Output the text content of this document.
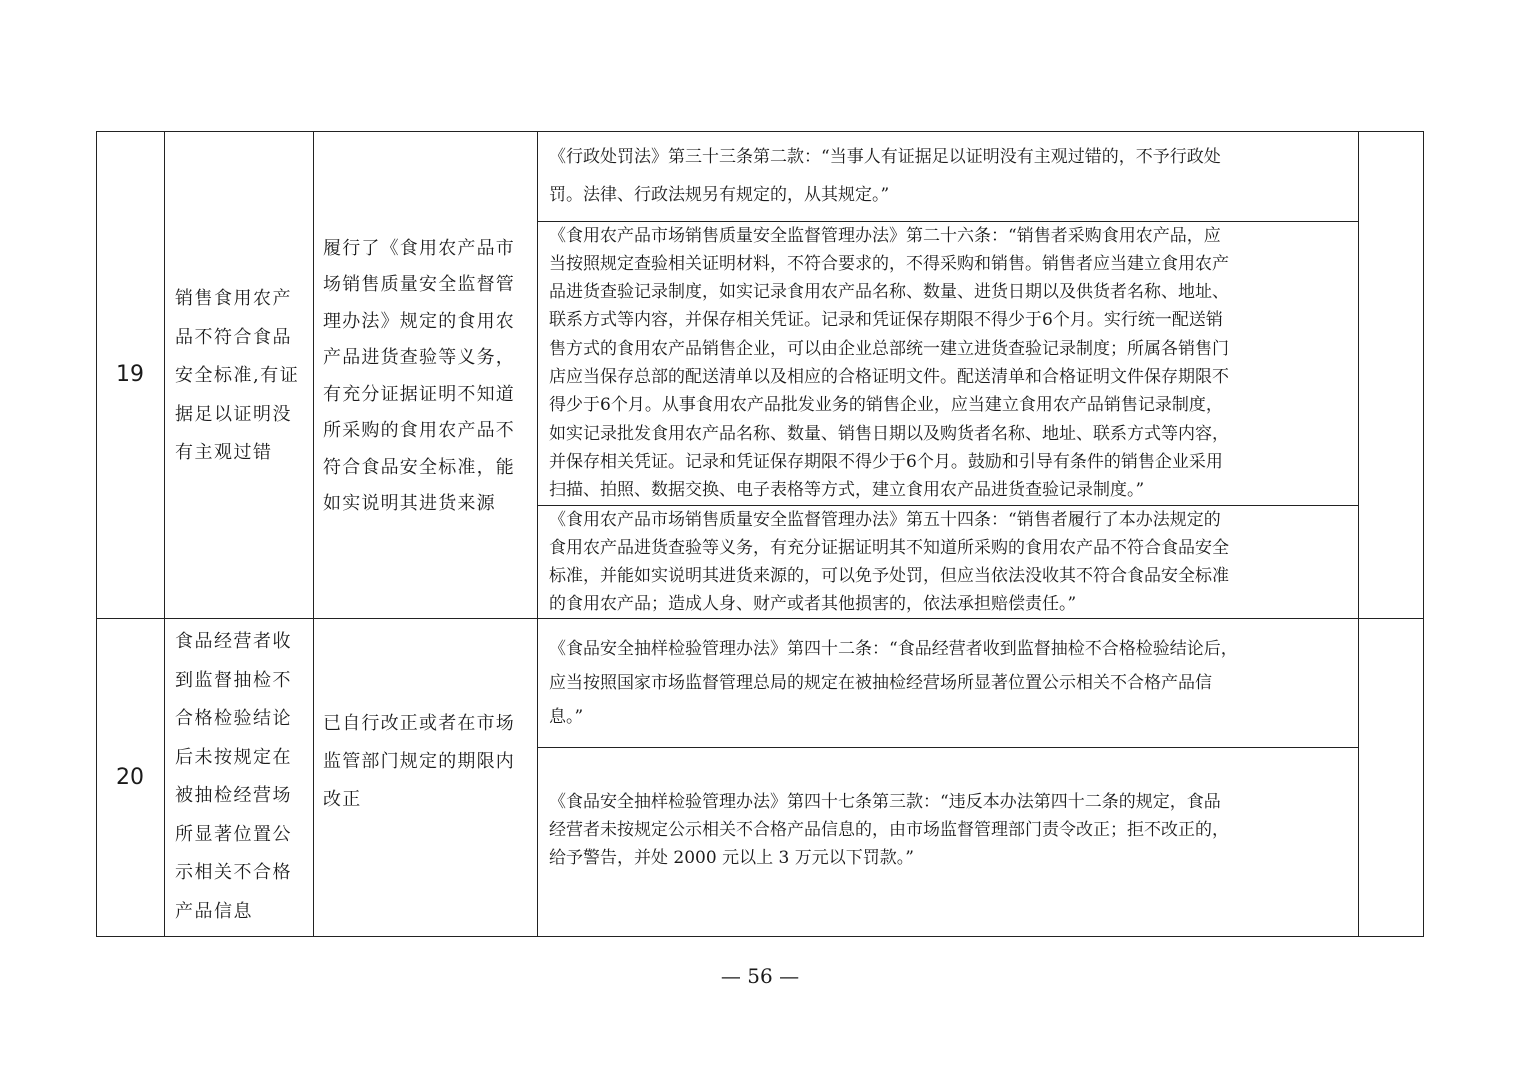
19
销售食用农产
品不符合食品
安全标准,有证
据足以证明没
有主观过错
履行了《食用农产品市
场销售质量安全监督管
理办法》规定的食用农
产品进货查验等义务，
有充分证据证明不知道
所采购的食用农产品不
符合食品安全标准，能
如实说明其进货来源
《行政处罚法》第三十三条第二款：“当事人有证据足以证明没有主观过错的，不予行政处
罚。法律、行政法规另有规定的，从其规定。”
《食用农产品市场销售质量安全监督管理办法》第二十六条：“销售者采购食用农产品，应
当按照规定查验相关证明材料，不符合要求的，不得采购和销售。销售者应当建立食用农产
品进货查验记录制度，如实记录食用农产品名称、数量、进货日期以及供货者名称、地址、
联系方式等内容，并保存相关凭证。记录和凭证保存期限不得少于6个月。实行统一配送销
售方式的食用农产品销售企业，可以由企业总部统一建立进货查验记录制度；所属各销售门
店应当保存总部的配送清单以及相应的合格证明文件。配送清单和合格证明文件保存期限不
得少于6个月。从事食用农产品批发业务的销售企业，应当建立食用农产品销售记录制度，
如实记录批发食用农产品名称、数量、销售日期以及购货者名称、地址、联系方式等内容，
并保存相关凭证。记录和凭证保存期限不得少于6个月。鼓励和引导有条件的销售企业采用
扫描、拍照、数据交换、电子表格等方式，建立食用农产品进货查验记录制度。”
《食用农产品市场销售质量安全监督管理办法》第五十四条：“销售者履行了本办法规定的
食用农产品进货查验等义务，有充分证据证明其不知道所采购的食用农产品不符合食品安全
标准，并能如实说明其进货来源的，可以免予处罚，但应当依法没收其不符合食品安全标准
的食用农产品；造成人身、财产或者其他损害的，依法承担赔偿责任。”
20
食品经营者收
到监督抽检不
合格检验结论
后未按规定在
被抽检经营场
所显著位置公
示相关不合格
产品信息
已自行改正或者在市场
监管部门规定的期限内
改正
《食品安全抽样检验管理办法》第四十二条：“食品经营者收到监督抽检不合格检验结论后，
应当按照国家市场监督管理总局的规定在被抽检经营场所显著位置公示相关不合格产品信
息。”
《食品安全抽样检验管理办法》第四十七条第三款：“违反本办法第四十二条的规定，食品
经营者未按规定公示相关不合格产品信息的，由市场监督管理部门责令改正；拒不改正的，
给予警告，并处 2000 元以上 3 万元以下罚款。”
— 56 —
